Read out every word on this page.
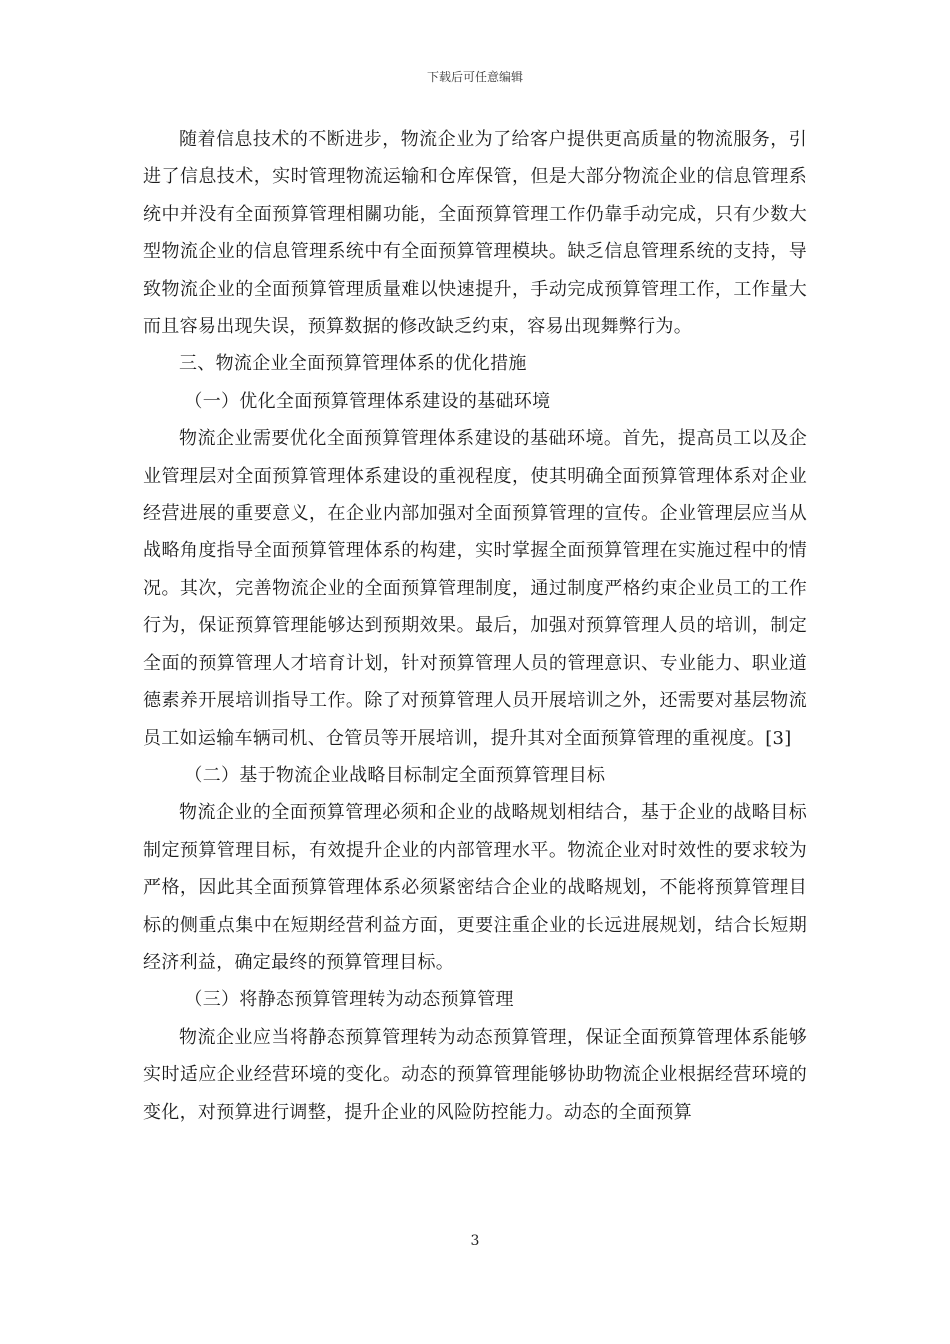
下载后可任意编辑

随着信息技术的不断进步，物流企业为了给客户提供更高质量的物流服务，引进了信息技术，实时管理物流运输和仓库保管，但是大部分物流企业的信息管理系统中并没有全面预算管理相關功能，全面预算管理工作仍靠手动完成，只有少数大型物流企业的信息管理系统中有全面预算管理模块。缺乏信息管理系统的支持，导致物流企业的全面预算管理质量难以快速提升，手动完成预算管理工作，工作量大而且容易出现失误，预算数据的修改缺乏约束，容易出现舞弊行为。

三、物流企业全面预算管理体系的优化措施

（一）优化全面预算管理体系建设的基础环境

物流企业需要优化全面预算管理体系建设的基础环境。首先，提高员工以及企业管理层对全面预算管理体系建设的重视程度，使其明确全面预算管理体系对企业经营进展的重要意义，在企业内部加强对全面预算管理的宣传。企业管理层应当从战略角度指导全面预算管理体系的构建，实时掌握全面预算管理在实施过程中的情况。其次，完善物流企业的全面预算管理制度，通过制度严格约束企业员工的工作行为，保证预算管理能够达到预期效果。最后，加强对预算管理人员的培训，制定全面的预算管理人才培育计划，针对预算管理人员的管理意识、专业能力、职业道德素养开展培训指导工作。除了对预算管理人员开展培训之外，还需要对基层物流员工如运输车辆司机、仓管员等开展培训，提升其对全面预算管理的重视度。[3]

（二）基于物流企业战略目标制定全面预算管理目标

物流企业的全面预算管理必须和企业的战略规划相结合，基于企业的战略目标制定预算管理目标，有效提升企业的内部管理水平。物流企业对时效性的要求较为严格，因此其全面预算管理体系必须紧密结合企业的战略规划，不能将预算管理目标的侧重点集中在短期经营利益方面，更要注重企业的长远进展规划，结合长短期经济利益，确定最终的预算管理目标。

（三）将静态预算管理转为动态预算管理

物流企业应当将静态预算管理转为动态预算管理，保证全面预算管理体系能够实时适应企业经营环境的变化。动态的预算管理能够协助物流企业根据经营环境的变化，对预算进行调整，提升企业的风险防控能力。动态的全面预算

3
